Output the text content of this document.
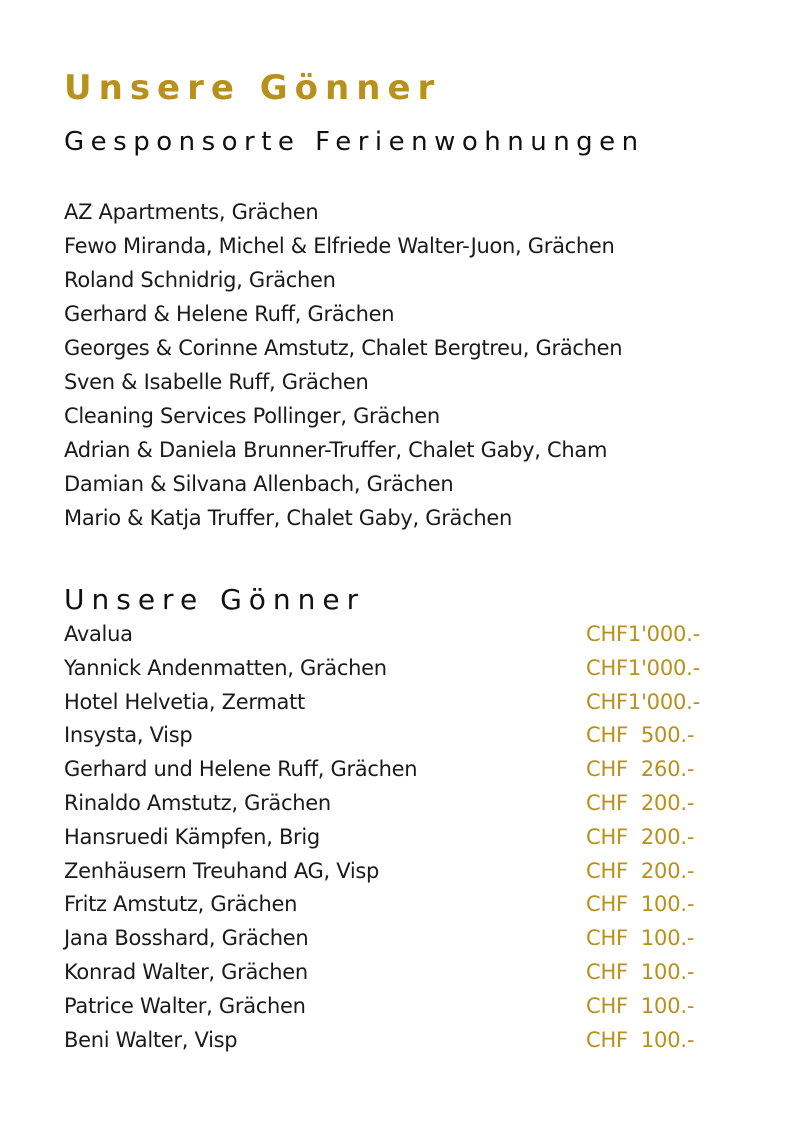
Unsere Gönner
Gesponsorte Ferienwohnungen
AZ Apartments, Grächen
Fewo Miranda, Michel & Elfriede Walter-Juon, Grächen
Roland Schnidrig, Grächen
Gerhard & Helene Ruff, Grächen
Georges & Corinne Amstutz, Chalet Bergtreu, Grächen
Sven & Isabelle Ruff, Grächen
Cleaning Services Pollinger, Grächen
Adrian & Daniela Brunner-Truffer, Chalet Gaby, Cham
Damian & Silvana Allenbach, Grächen
Mario & Katja Truffer, Chalet Gaby, Grächen
Unsere Gönner
Avalua	CHF1'000.-
Yannick Andenmatten, Grächen	CHF1'000.-
Hotel Helvetia, Zermatt	CHF1'000.-
Insysta, Visp	CHF  500.-
Gerhard und Helene Ruff, Grächen	CHF  260.-
Rinaldo Amstutz, Grächen	CHF  200.-
Hansruedi Kämpfen, Brig	CHF  200.-
Zenhäusern Treuhand AG, Visp	CHF  200.-
Fritz Amstutz, Grächen	CHF  100.-
Jana Bosshard, Grächen	CHF  100.-
Konrad Walter, Grächen	CHF  100.-
Patrice Walter, Grächen	CHF  100.-
Beni Walter, Visp	CHF  100.-
